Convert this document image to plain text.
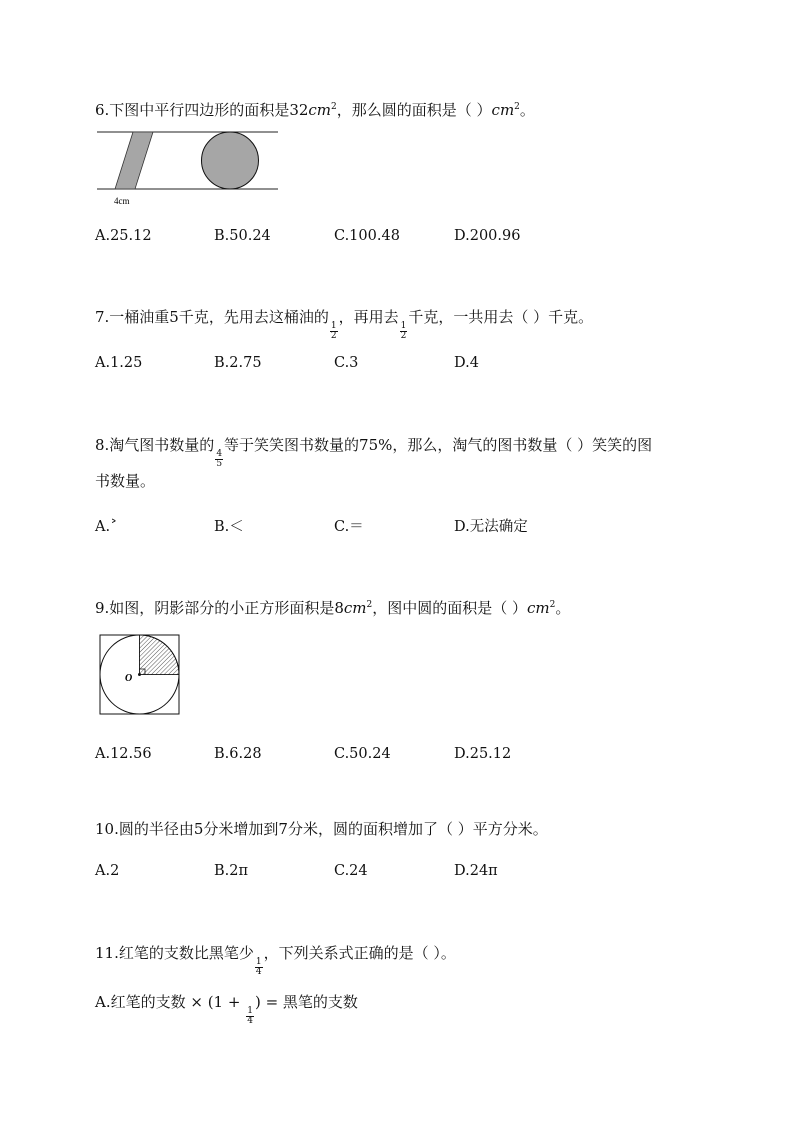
6.下图中平行四边形的面积是$32cm^2$，那么圆的面积是（ ）$cm^2$。
4cm
A.25.12	B.50.24	C.100.48	D.200.96
7.一桶油重5千克，先用去这桶油的
$\frac{1}{2}$
，再用去
$\frac{1}{2}$
千克，一共用去（ ）千克。
A.1.25	B.2.75	C.3	D.4
8.淘气图书数量的
$\frac{4}{5}$
等于笑笑图书数量的75%，那么，淘气的图书数量（ ）笑笑的图
书数量。
A.˃	B.＜	C.＝	D.无法确定
9.如图，阴影部分的小正方形面积是$8cm^2$，图中圆的面积是（ ）$cm^2$。
O
A.12.56	B.6.28	C.50.24	D.25.12
10.圆的半径由5分米增加到7分米，圆的面积增加了（ ）平方分米。
A.2	B.2π	C.24	D.24π
11.红笔的支数比黑笔少
$\frac{1}{4}$
，下列关系式正确的是（ ）。
A.红笔的支数 × (1 +
$\frac{1}{4}$
) = 黑笔的支数
